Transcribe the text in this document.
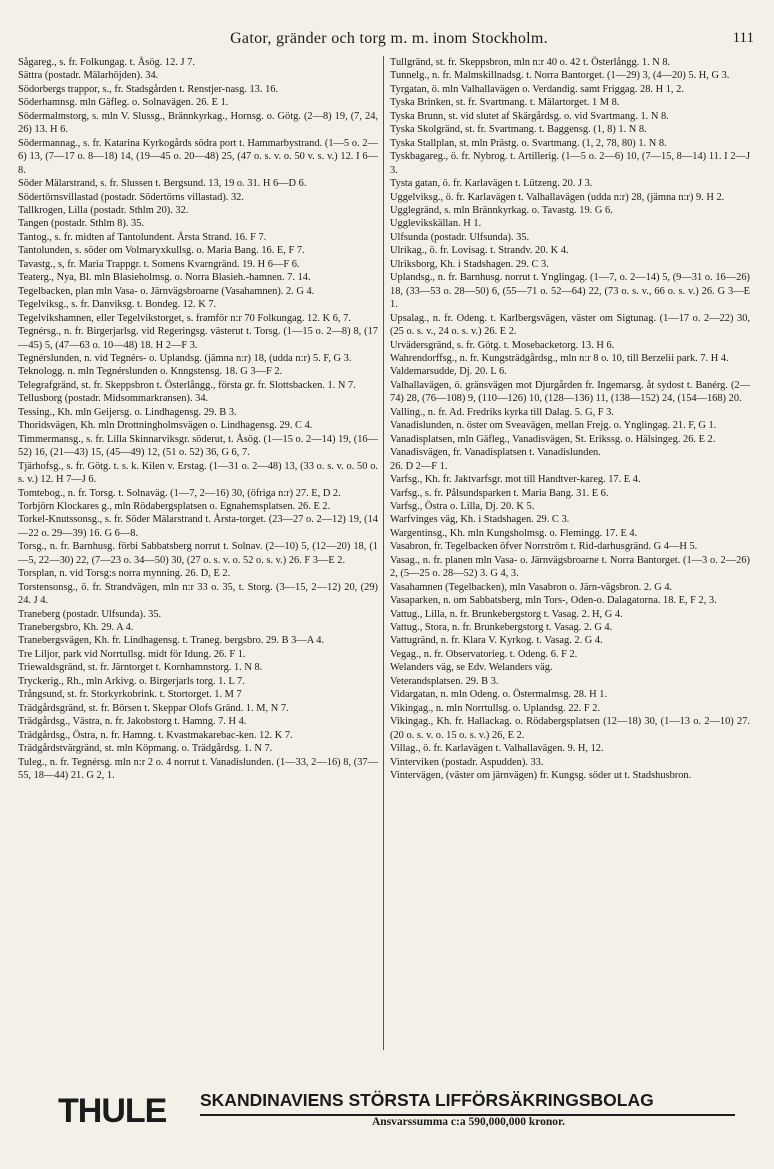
Gator, gränder och torg m. m. inom Stockholm.	111

Sågareg., s. fr. Folkungag. t. Åsög. 12. J 7.

Sättra (postadr. Mälarhöjden). 34.

Södorbergs trappor, s., fr. Stadsgården t. Renstjer-nasg. 13. 16.

Söderhamnsg. mln Gäfleg. o. Solnavägen. 26. E 1.

Södermalmstorg, s. mln V. Slussg., Brännkyrkag., Hornsg. o. Götg. (2—8) 19, (7, 24, 26) 13. H 6.

Södermannag., s. fr. Katarina Kyrkogårds södra port t. Hammarbystrand. (1—5 o. 2—6) 13, (7—17 o. 8—18) 14, (19—45 o. 20—48) 25, (47 o. s. v. o. 50 v. s. v.) 12. I 6—8.

Söder Mälarstrand, s. fr. Slussen t. Bergsund. 13, 19 o. 31. H 6—D 6.

Södertörnsvillastad (postadr. Södertörns villastad). 32.

Tallkrogen, Lilla (postadr. Sthlm 20). 32.

Tangen (postadr. Sthlm 8). 35.

Tantog., s. fr. midten af Tantolundent. Årsta Strand. 16. F 7.

Tantolunden, s. söder om Volmaryxkullsg. o. Maria Bang. 16. E, F 7.

Tavastg., s, fr. Maria Trappgr. t. Somens Kvarngränd. 19. H 6—F 6.

Teaterg., Nya, Bl. mln Blasieholmsg. o. Norra Blasieh.-hamnen. 7. 14.

Tegelbacken, plan mln Vasa- o. Järnvägsbroarne (Vasahamnen). 2. G 4.

Tegelviksg., s. fr. Danviksg. t. Bondeg. 12. K 7.

Tegelvikshamnen, eller Tegelvikstorget, s. framför n:r 70 Folkungag. 12. K 6, 7.

Tegnérsg., n. fr. Birgerjarlsg. vid Regeringsg. västerut t. Torsg. (1—15 o. 2—8) 8, (17—45) 5, (47—63 o. 10—48) 18. H 2—F 3.

Tegnérslunden, n. vid Tegnérs- o. Uplandsg. (jämna n:r) 18, (udda n:r) 5. F, G 3.

Teknologg. n. mln Tegnérslunden o. Knngstensg. 18. G 3—F 2.

Telegrafgränd, st. fr. Skeppsbron t. Österlångg., första gr. fr. Slottsbacken. 1. N 7.

Tellusborg (postadr. Midsommarkransen). 34.

Tessing., Kh. mln Geijersg. o. Lindhagensg. 29. B 3.

Thoridsvägen, Kh. mln Drottningholmsvägen o. Lindhagensg. 29. C 4.

Timmermansg., s. fr. Lilla Skinnarviksgr. söderut, t. Åsög. (1—15 o. 2—14) 19, (16—52) 16, (21—43) 15, (45—49) 12, (51 o. 52) 36, G 6, 7.

Tjärhofsg., s. fr. Götg. t. s. k. Kilen v. Erstag. (1—31 o. 2—48) 13, (33 o. s. v. o. 50 o. s. v.) 12. H 7—J 6.

Tomtebog., n. fr. Torsg. t. Solnaväg. (1—7, 2—16) 30, (öfriga n:r) 27. E, D 2.

Torbjörn Klockares g., mln Rödabergsplatsen o. Egnahemsplatsen. 26. E 2.

Torkel-Knutssonsg., s. fr. Söder Mälarstrand t. Årsta-torget. (23—27 o. 2—12) 19, (14—22 o. 29—39) 16. G 6—8.

Torsg., n. fr. Barnhusg. förbi Sabbatsberg norrut t. Solnav. (2—10) 5, (12—20) 18, (1—5, 22—30) 22, (7—23 o. 34—50) 30, (27 o. s. v. o. 52 o. s. v.) 26. F 3—E 2.

Torsplan, n. vid Torsg:s norra mynning. 26. D, E 2.

Torstensonsg., ö. fr. Strandvägen, mln n:r 33 o. 35, t. Storg. (3—15, 2—12) 20, (29) 24. J 4.

Traneberg (postadr. Ulfsunda). 35.

Tranebergsbro, Kh. 29. A 4.

Tranebergsvägen, Kh. fr. Lindhagensg. t. Traneg. bergsbro. 29. B 3—A 4.

Tre Liljor, park vid Norrtullsg. midt för Idung. 26. F 1.

Triewaldsgränd, st. fr. Järntorget t. Kornhamnstorg. 1. N 8.

Tryckerig., Rh., mln Arkivg. o. Birgerjarls torg. 1. L 7.

Trångsund, st. fr. Storkyrkobrink. t. Stortorget. 1. M 7

Trädgårdsgränd, st. fr. Börsen t. Skeppar Olofs Gränd. 1. M, N 7.

Trädgårdsg., Västra, n. fr. Jakobstorg t. Hamng. 7. H 4.

Trädgårdsg., Östra, n. fr. Hamng. t. Kvastmakarebac-ken. 12. K 7.

Trädgårdstvärgränd, st. mln Köpmang. o. Trädgårdsg. 1. N 7.

Tuleg., n. fr. Tegnérsg. mln n:r 2 o. 4 norrut t. Vanadislunden. (1—33, 2—16) 8, (37—55, 18—44) 21. G 2, 1.

Tullgränd, st. fr. Skeppsbron, mln n:r 40 o. 42 t. Österlångg. 1. N 8.

Tunnelg., n. fr. Malmskillnadsg. t. Norra Bantorget. (1—29) 3, (4—20) 5. H, G 3.

Tyrgatan, ö. mln Valhallavägen o. Verdandig. samt Friggag. 28. H 1, 2.

Tyska Brinken, st. fr. Svartmang. t. Mälartorget. 1 M 8.

Tyska Brunn, st. vid slutet af Skärgårdsg. o. vid Svartmang. 1. N 8.

Tyska Skolgränd, st. fr. Svartmang. t. Baggensg. (1, 8) 1. N 8.

Tyska Stallplan, st. mln Prästg. o. Svartmang. (1, 2, 78, 80) 1. N 8.

Tyskbagareg., ö. fr. Nybrog. t. Artillerig. (1—5 o. 2—6) 10, (7—15, 8—14) 11. I 2—J 3.

Tysta gatan, ö. fr. Karlavägen t. Lützeng. 20. J 3.

Uggelviksg., ö. fr. Karlavägen t. Valhallavägen (udda n:r) 28, (jämna n:r) 9. H 2.

Ugglegränd, s. mln Brännkyrkag. o. Tavastg. 19. G 6.

Ugglevikskällan. H 1.

Ulfsunda (postadr. Ulfsunda). 35.

Ulrikag., ö. fr. Lovisag. t. Strandv. 20. K 4.

Ulriksborg, Kh. i Stadshagen. 29. C 3.

Uplandsg., n. fr. Barnhusg. norrut t. Ynglingag. (1—7, o. 2—14) 5, (9—31 o. 16—26) 18, (33—53 o. 28—50) 6, (55—71 o. 52—64) 22, (73 o. s. v., 66 o. s. v.) 26. G 3—E 1.

Upsalag., n. fr. Odeng. t. Karlbergsvägen, väster om Sigtunag. (1—17 o. 2—22) 30, (25 o. s. v., 24 o. s. v.) 26. E 2.

Urvädersgränd, s. fr. Götg. t. Mosebacketorg. 13. H 6.

Wahrendorffsg., n. fr. Kungsträdgårdsg., mln n:r 8 o. 10, till Berzelii park. 7. H 4.

Valdemarsudde, Dj. 20. L 6.

Valhallavägen, ö. gränsvägen mot Djurgården fr. Ingemarsg. åt sydost t. Banérg. (2—74) 28, (76—108) 9, (110—126) 10, (128—136) 11, (138—152) 24, (154—168) 20.

Valling., n. fr. Ad. Fredriks kyrka till Dalag. 5. G, F 3.

Vanadislunden, n. öster om Sveavägen, mellan Frejg. o. Ynglingag. 21. F, G 1.

Vanadisplatsen, mln Gäfleg., Vanadisvägen, St. Erikssg. o. Hälsingeg. 26. E 2.

Vanadisvägen, fr. Vanadisplatsen t. Vanadislunden.

26. D 2—F 1.

Varfsg., Kh. fr. Jaktvarfsgr. mot till Handtver-kareg. 17. E 4.

Varfsg., s. fr. Pålsundsparken t. Maria Bang. 31. E 6.

Varfsg., Östra o. Lilla, Dj. 20. K 5.

Warfvinges väg, Kh. i Stadshagen. 29. C 3.

Wargentinsg., Kh. mln Kungsholmsg. o. Flemingg. 17. E 4.

Vasabron, fr. Tegelbacken öfver Norrström t. Rid-darhusgränd. G 4—H 5.

Vasag., n. fr. planen mln Vasa- o. Järnvägsbroarne t. Norra Bantorget. (1—3 o. 2—26) 2, (5—25 o. 28—52) 3. G 4, 3.

Vasahamnen (Tegelbacken), mln Vasabron o. Järn-vägsbron. 2. G 4.

Vasaparken, n. om Sabbatsberg, mln Tors-, Oden-o. Dalagatorna. 18. E, F 2, 3.

Vattug., Lilla, n. fr. Brunkebergstorg t. Vasag. 2. H, G 4.

Vattug., Stora, n. fr. Brunkebergstorg t. Vasag. 2. G 4.

Vattugränd, n. fr. Klara V. Kyrkog. t. Vasag. 2. G 4.

Vegag., n. fr. Observatorieg. t. Odeng. 6. F 2.

Welanders väg, se Edv. Welanders väg.

Veterandsplatsen. 29. B 3.

Vidargatan, n. mln Odeng. o. Östermalmsg. 28. H 1.

Vikingag., n. mln Norrtullsg. o. Uplandsg. 22. F 2.

Vikingag., Kh. fr. Hallackag. o. Rödabergsplatsen (12—18) 30, (1—13 o. 2—10) 27. (20 o. s. v. o. 15 o. s. v.) 26, E 2.

Villag., ö. fr. Karlavägen t. Valhallavägen. 9. H, 12.

Vinterviken (postadr. Aspudden). 33.

Vintervägen, (väster om järnvägen) fr. Kungsg. söder ut t. Stadshusbron.

THULE SKANDINAVIENS STÖRSTA LIFFÖRSÄKRINGSBOLAG
Ansvarssumma c:a 590,000,000 kronor.
